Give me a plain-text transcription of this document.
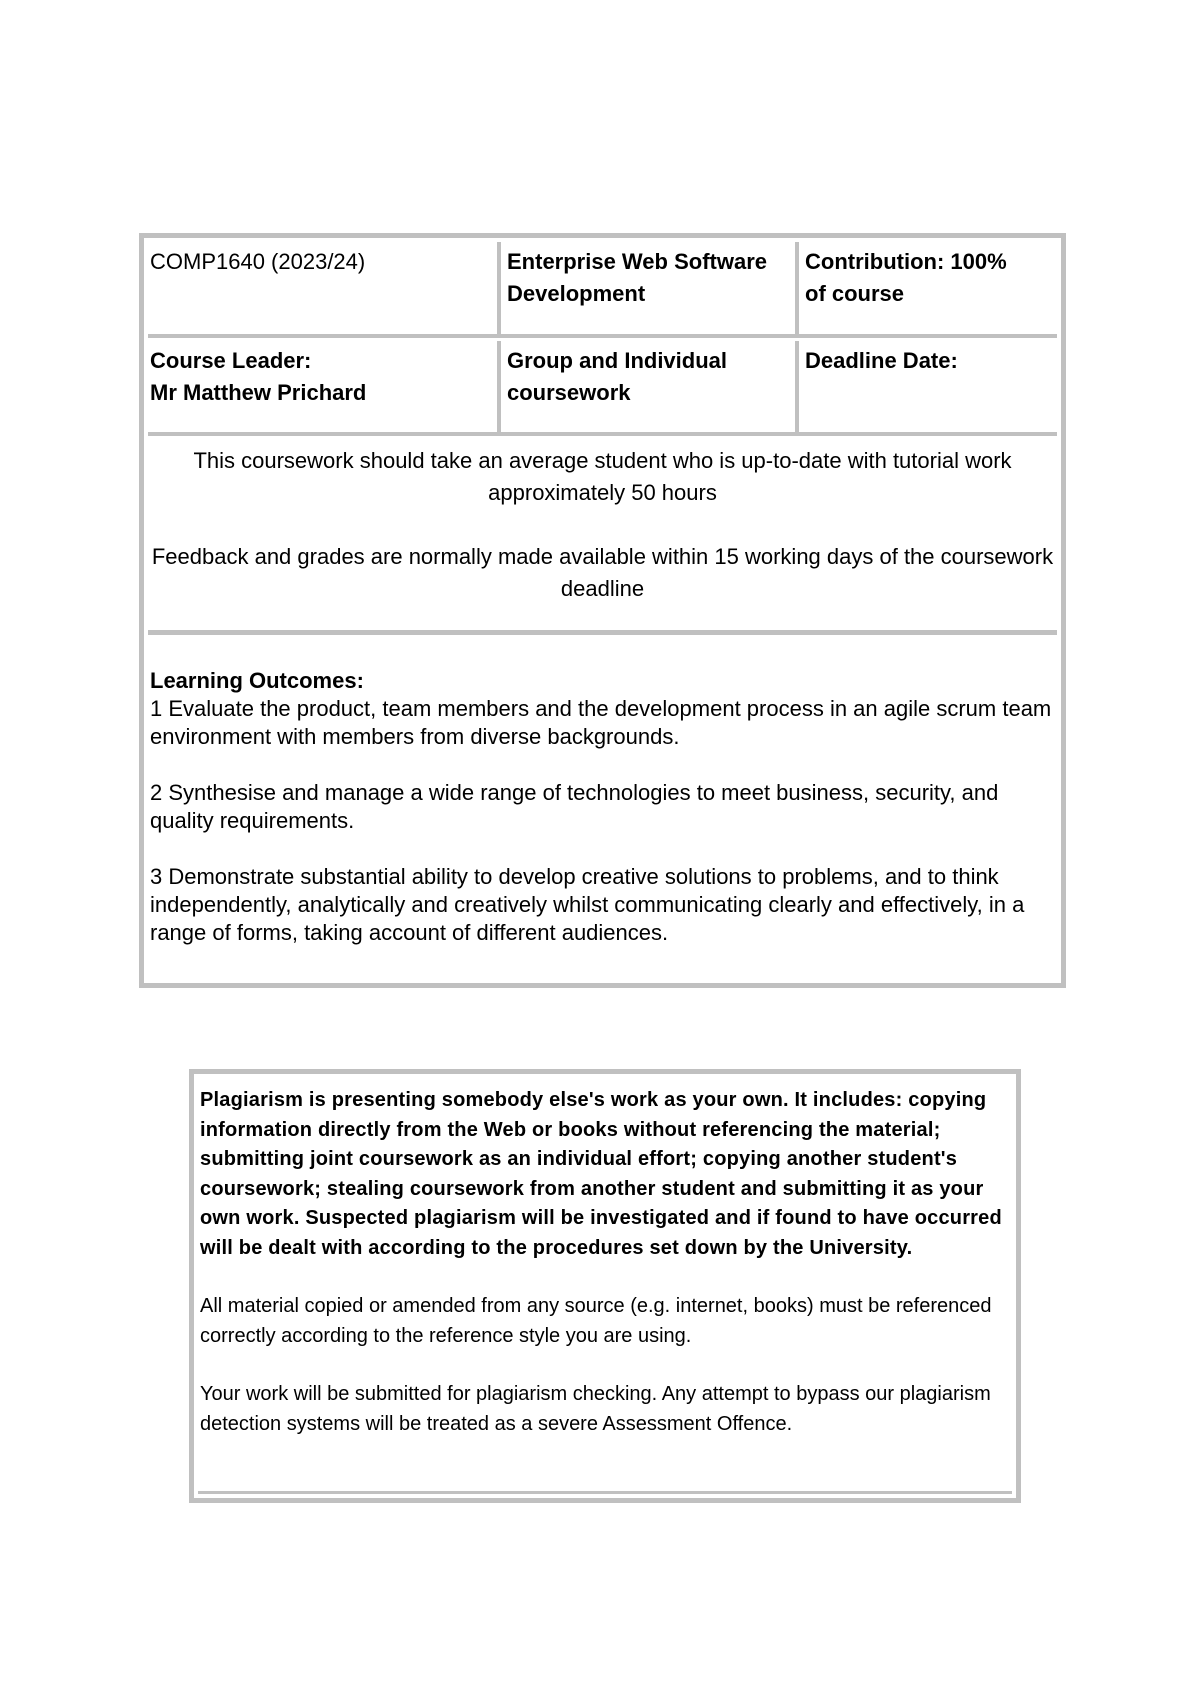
COMP1640 (2023/24)	Enterprise Web Software
Development
Contribution: 100%
of course
Course Leader:
Mr Matthew Prichard
Group and Individual
coursework
Deadline Date:

This coursework should take an average student who is up-to-date with tutorial work approximately 50 hours

Feedback and grades are normally made available within 15 working days of the coursework deadline

Learning Outcomes:

1 Evaluate the product, team members and the development process in an agile scrum team environment with members from diverse backgrounds.

2 Synthesise and manage a wide range of technologies to meet business, security, and quality requirements.

3 Demonstrate substantial ability to develop creative solutions to problems, and to think independently, analytically and creatively whilst communicating clearly and effectively, in a range of forms, taking account of different audiences.

Plagiarism is presenting somebody else's work as your own. It includes: copying information directly from the Web or books without referencing the material; submitting joint coursework as an individual effort; copying another student's coursework; stealing coursework from another student and submitting it as your own work. Suspected plagiarism will be investigated and if found to have occurred will be dealt with according to the procedures set down by the University.

All material copied or amended from any source (e.g. internet, books) must be referenced correctly according to the reference style you are using.

Your work will be submitted for plagiarism checking. Any attempt to bypass our plagiarism detection systems will be treated as a severe Assessment Offence.
